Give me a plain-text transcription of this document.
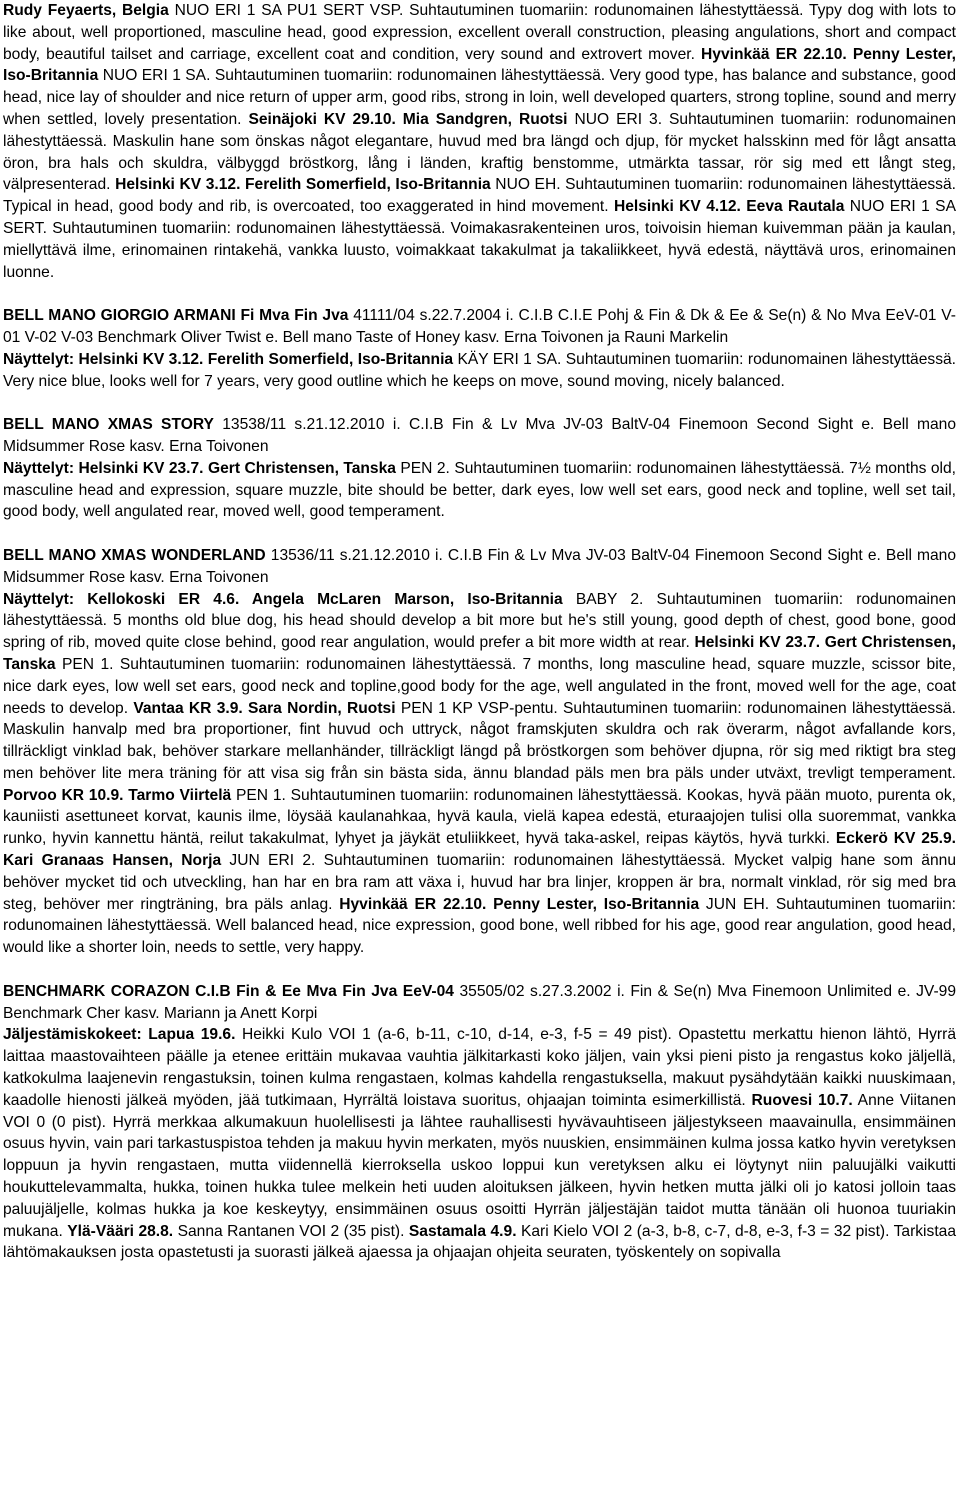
Rudy Feyaerts, Belgia NUO ERI 1 SA PU1 SERT VSP. Suhtautuminen tuomariin: rodunomainen lähestyttäessä. Typy dog with lots to like about, well proportioned, masculine head, good expression, excellent overall construction, pleasing angulations, short and compact body, beautiful tailset and carriage, excellent coat and condition, very sound and extrovert mover. Hyvinkää ER 22.10. Penny Lester, Iso-Britannia NUO ERI 1 SA. Suhtautuminen tuomariin: rodunomainen lähestyttäessä. Very good type, has balance and substance, good head, nice lay of shoulder and nice return of upper arm, good ribs, strong in loin, well developed quarters, strong topline, sound and merry when settled, lovely presentation. Seinäjoki KV 29.10. Mia Sandgren, Ruotsi NUO ERI 3. Suhtautuminen tuomariin: rodunomainen lähestyttäessä. Maskulin hane som önskas något elegantare, huvud med bra längd och djup, för mycket halsskinn med för lågt ansatta öron, bra hals och skuldra, välbyggd bröstkorg, lång i länden, kraftig benstomme, utmärkta tassar, rör sig med ett långt steg, välpresenterad. Helsinki KV 3.12. Ferelith Somerfield, Iso-Britannia NUO EH. Suhtautuminen tuomariin: rodunomainen lähestyttäessä. Typical in head, good body and rib, is overcoated, too exaggerated in hind movement. Helsinki KV 4.12. Eeva Rautala NUO ERI 1 SA SERT. Suhtautuminen tuomariin: rodunomainen lähestyttäessä. Voimakasrakenteinen uros, toivoisin hieman kuivemman pään ja kaulan, miellyttävä ilme, erinomainen rintakehä, vankka luusto, voimakkaat takakulmat ja takaliikkeet, hyvä edestä, näyttävä uros, erinomainen luonne.

BELL MANO GIORGIO ARMANI Fi Mva Fin Jva 41111/04 s.22.7.2004 i. C.I.B C.I.E Pohj & Fin & Dk & Ee & Se(n) & No Mva EeV-01 V-01 V-02 V-03 Benchmark Oliver Twist e. Bell mano Taste of Honey kasv. Erna Toivonen ja Rauni Markelin

Näyttelyt: Helsinki KV 3.12. Ferelith Somerfield, Iso-Britannia KÄY ERI 1 SA. Suhtautuminen tuomariin: rodunomainen lähestyttäessä. Very nice blue, looks well for 7 years, very good outline which he keeps on move, sound moving, nicely balanced.

BELL MANO XMAS STORY 13538/11 s.21.12.2010 i. C.I.B Fin & Lv Mva JV-03 BaltV-04 Finemoon Second Sight e. Bell mano Midsummer Rose kasv. Erna Toivonen

Näyttelyt: Helsinki KV 23.7. Gert Christensen, Tanska PEN 2. Suhtautuminen tuomariin: rodunomainen lähestyttäessä. 7½ months old, masculine head and expression, square muzzle, bite should be better, dark eyes, low well set ears, good neck and topline, well set tail, good body, well angulated rear, moved well, good temperament.

BELL MANO XMAS WONDERLAND 13536/11 s.21.12.2010 i. C.I.B Fin & Lv Mva JV-03 BaltV-04 Finemoon Second Sight e. Bell mano Midsummer Rose kasv. Erna Toivonen

Näyttelyt: Kellokoski ER 4.6. Angela McLaren Marson, Iso-Britannia BABY 2. Suhtautuminen tuomariin: rodunomainen lähestyttäessä. 5 months old blue dog, his head should develop a bit more but he's still young, good depth of chest, good bone, good spring of rib, moved quite close behind, good rear angulation, would prefer a bit more width at rear. Helsinki KV 23.7. Gert Christensen, Tanska PEN 1. Suhtautuminen tuomariin: rodunomainen lähestyttäessä. 7 months, long masculine head, square muzzle, scissor bite, nice dark eyes, low well set ears, good neck and topline,good body for the age, well angulated in the front, moved well for the age, coat needs to develop. Vantaa KR 3.9. Sara Nordin, Ruotsi PEN 1 KP VSP-pentu. Suhtautuminen tuomariin: rodunomainen lähestyttäessä. Maskulin hanvalp med bra proportioner, fint huvud och uttryck, något framskjuten skuldra och rak överarm, något avfallande kors, tillräckligt vinklad bak, behöver starkare mellanhänder, tillräckligt längd på bröstkorgen som behöver djupna, rör sig med riktigt bra steg men behöver lite mera träning för att visa sig från sin bästa sida, ännu blandad päls men bra päls under utväxt, trevligt temperament. Porvoo KR 10.9. Tarmo Viirtelä PEN 1. Suhtautuminen tuomariin: rodunomainen lähestyttäessä. Kookas, hyvä pään muoto, purenta ok, kauniisti asettuneet korvat, kaunis ilme, löysää kaulanahkaa, hyvä kaula, vielä kapea edestä, eturaajojen tulisi olla suoremmat, vankka runko, hyvin kannettu häntä, reilut takakulmat, lyhyet ja jäykät etuliikkeet, hyvä taka-askel, reipas käytös, hyvä turkki. Eckerö KV 25.9. Kari Granaas Hansen, Norja JUN ERI 2. Suhtautuminen tuomariin: rodunomainen lähestyttäessä. Mycket valpig hane som ännu behöver mycket tid och utveckling, han har en bra ram att växa i, huvud har bra linjer, kroppen är bra, normalt vinklad, rör sig med bra steg, behöver mer ringträning, bra päls anlag. Hyvinkää ER 22.10. Penny Lester, Iso-Britannia JUN EH. Suhtautuminen tuomariin: rodunomainen lähestyttäessä. Well balanced head, nice expression, good bone, well ribbed for his age, good rear angulation, good head, would like a shorter loin, needs to settle, very happy.

BENCHMARK CORAZON C.I.B Fin & Ee Mva Fin Jva EeV-04 35505/02 s.27.3.2002 i. Fin & Se(n) Mva Finemoon Unlimited e. JV-99 Benchmark Cher kasv. Mariann ja Anett Korpi

Jäljestämiskokeet: Lapua 19.6. Heikki Kulo VOI 1 (a-6, b-11, c-10, d-14, e-3, f-5 = 49 pist). Opastettu merkattu hienon lähtö, Hyrrä laittaa maastovaihteen päälle ja etenee erittäin mukavaa vauhtia jälkitarkasti koko jäljen, vain yksi pieni pisto ja rengastus koko jäljellä, katkokulma laajenevin rengastuksin, toinen kulma rengastaen, kolmas kahdella rengastuksella, makuut pysähdytään kaikki nuuskimaan, kaadolle hienosti jälkeä myöden, jää tutkimaan, Hyrrältä loistava suoritus, ohjaajan toiminta esimerkillistä. Ruovesi 10.7. Anne Viitanen VOI 0 (0 pist). Hyrrä merkkaa alkumakuun huolellisesti ja lähtee rauhallisesti hyvävauhtiseen jäljestykseen maavainulla, ensimmäinen osuus hyvin, vain pari tarkastuspistoa tehden ja makuu hyvin merkaten, myös nuuskien, ensimmäinen kulma jossa katko hyvin veretyksen loppuun ja hyvin rengastaen, mutta viidennellä kierroksella uskoo loppui kun veretyksen alku ei löytynyt niin paluujälki vaikutti houkuttelevammalta, hukka, toinen hukka tulee melkein heti uuden aloituksen jälkeen, hyvin hetken mutta jälki oli jo katosi jolloin taas paluujäljelle, kolmas hukka ja koe keskeytyy, ensimmäinen osuus osoitti Hyrrän jäljestäjän taidot mutta tänään oli huonoa tuuriakin mukana. Ylä-Vääri 28.8. Sanna Rantanen VOI 2 (35 pist). Sastamala 4.9. Kari Kielo VOI 2 (a-3, b-8, c-7, d-8, e-3, f-3 = 32 pist). Tarkistaa lähtömakauksen josta opastetusti ja suorasti jälkeä ajaessa ja ohjaajan ohjeita seuraten, työskentely on sopivalla
